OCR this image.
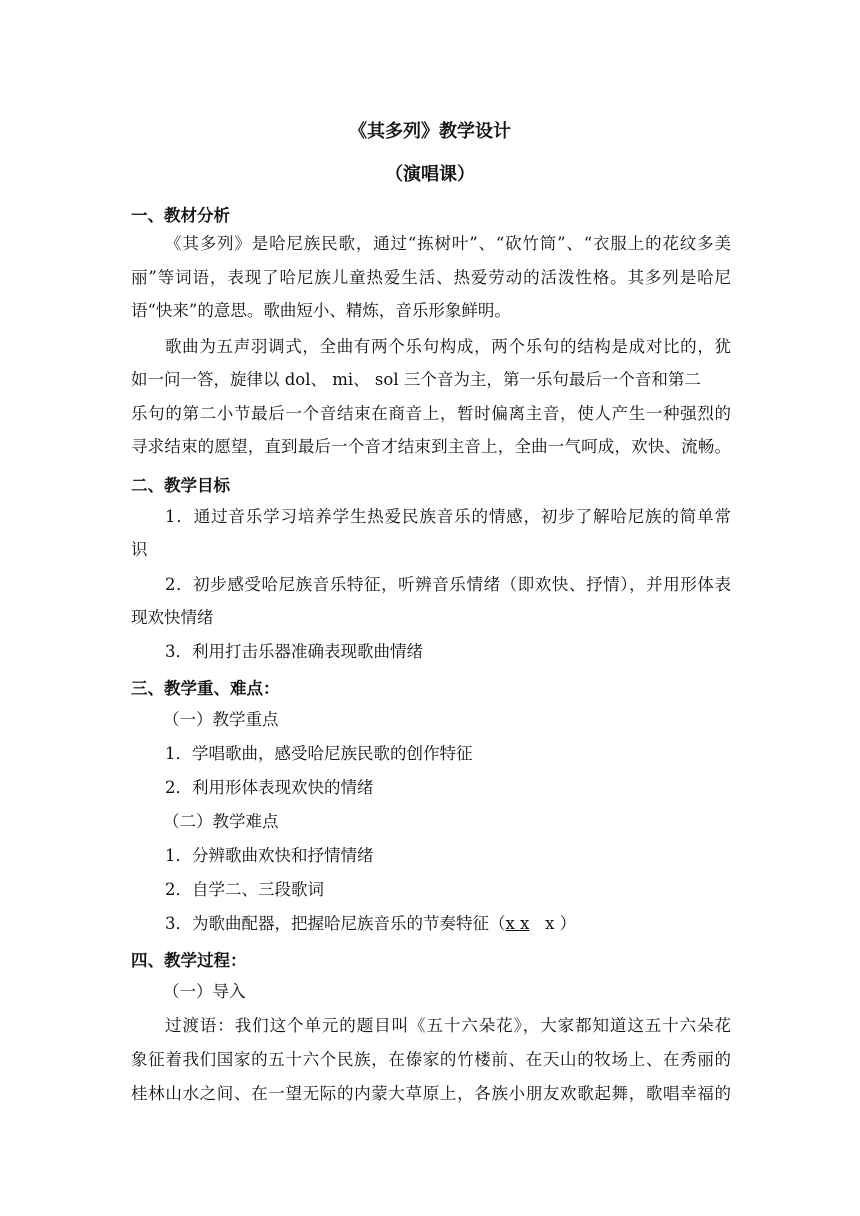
《其多列》教学设计
（演唱课）
一、教材分析
《其多列》是哈尼族民歌，通过“拣树叶”、“砍竹筒”、“衣服上的花纹多美
丽”等词语，表现了哈尼族儿童热爱生活、热爱劳动的活泼性格。其多列是哈尼
语“快来”的意思。歌曲短小、精炼，音乐形象鲜明。
歌曲为五声羽调式，全曲有两个乐句构成，两个乐句的结构是成对比的，犹
如一问一答，旋律以 dol、 mi、 sol 三个音为主，第一乐句最后一个音和第二
乐句的第二小节最后一个音结束在商音上，暂时偏离主音，使人产生一种强烈的
寻求结束的愿望，直到最后一个音才结束到主音上，全曲一气呵成，欢快、流畅。
二、教学目标
1．通过音乐学习培养学生热爱民族音乐的情感，初步了解哈尼族的简单常
识
2．初步感受哈尼族音乐特征，听辨音乐情绪（即欢快、抒情），并用形体表
现欢快情绪
3．利用打击乐器准确表现歌曲情绪
三、教学重、难点：
（一）教学重点
1．学唱歌曲，感受哈尼族民歌的创作特征
2．利用形体表现欢快的情绪
（二）教学难点
1．分辨歌曲欢快和抒情情绪
2．自学二、三段歌词
3．为歌曲配器，把握哈尼族音乐的节奏特征（x x   x ）
四、教学过程：
（一）导入
过渡语：我们这个单元的题目叫《五十六朵花》，大家都知道这五十六朵花
象征着我们国家的五十六个民族，在傣家的竹楼前、在天山的牧场上、在秀丽的
桂林山水之间、在一望无际的内蒙大草原上，各族小朋友欢歌起舞，歌唱幸福的
